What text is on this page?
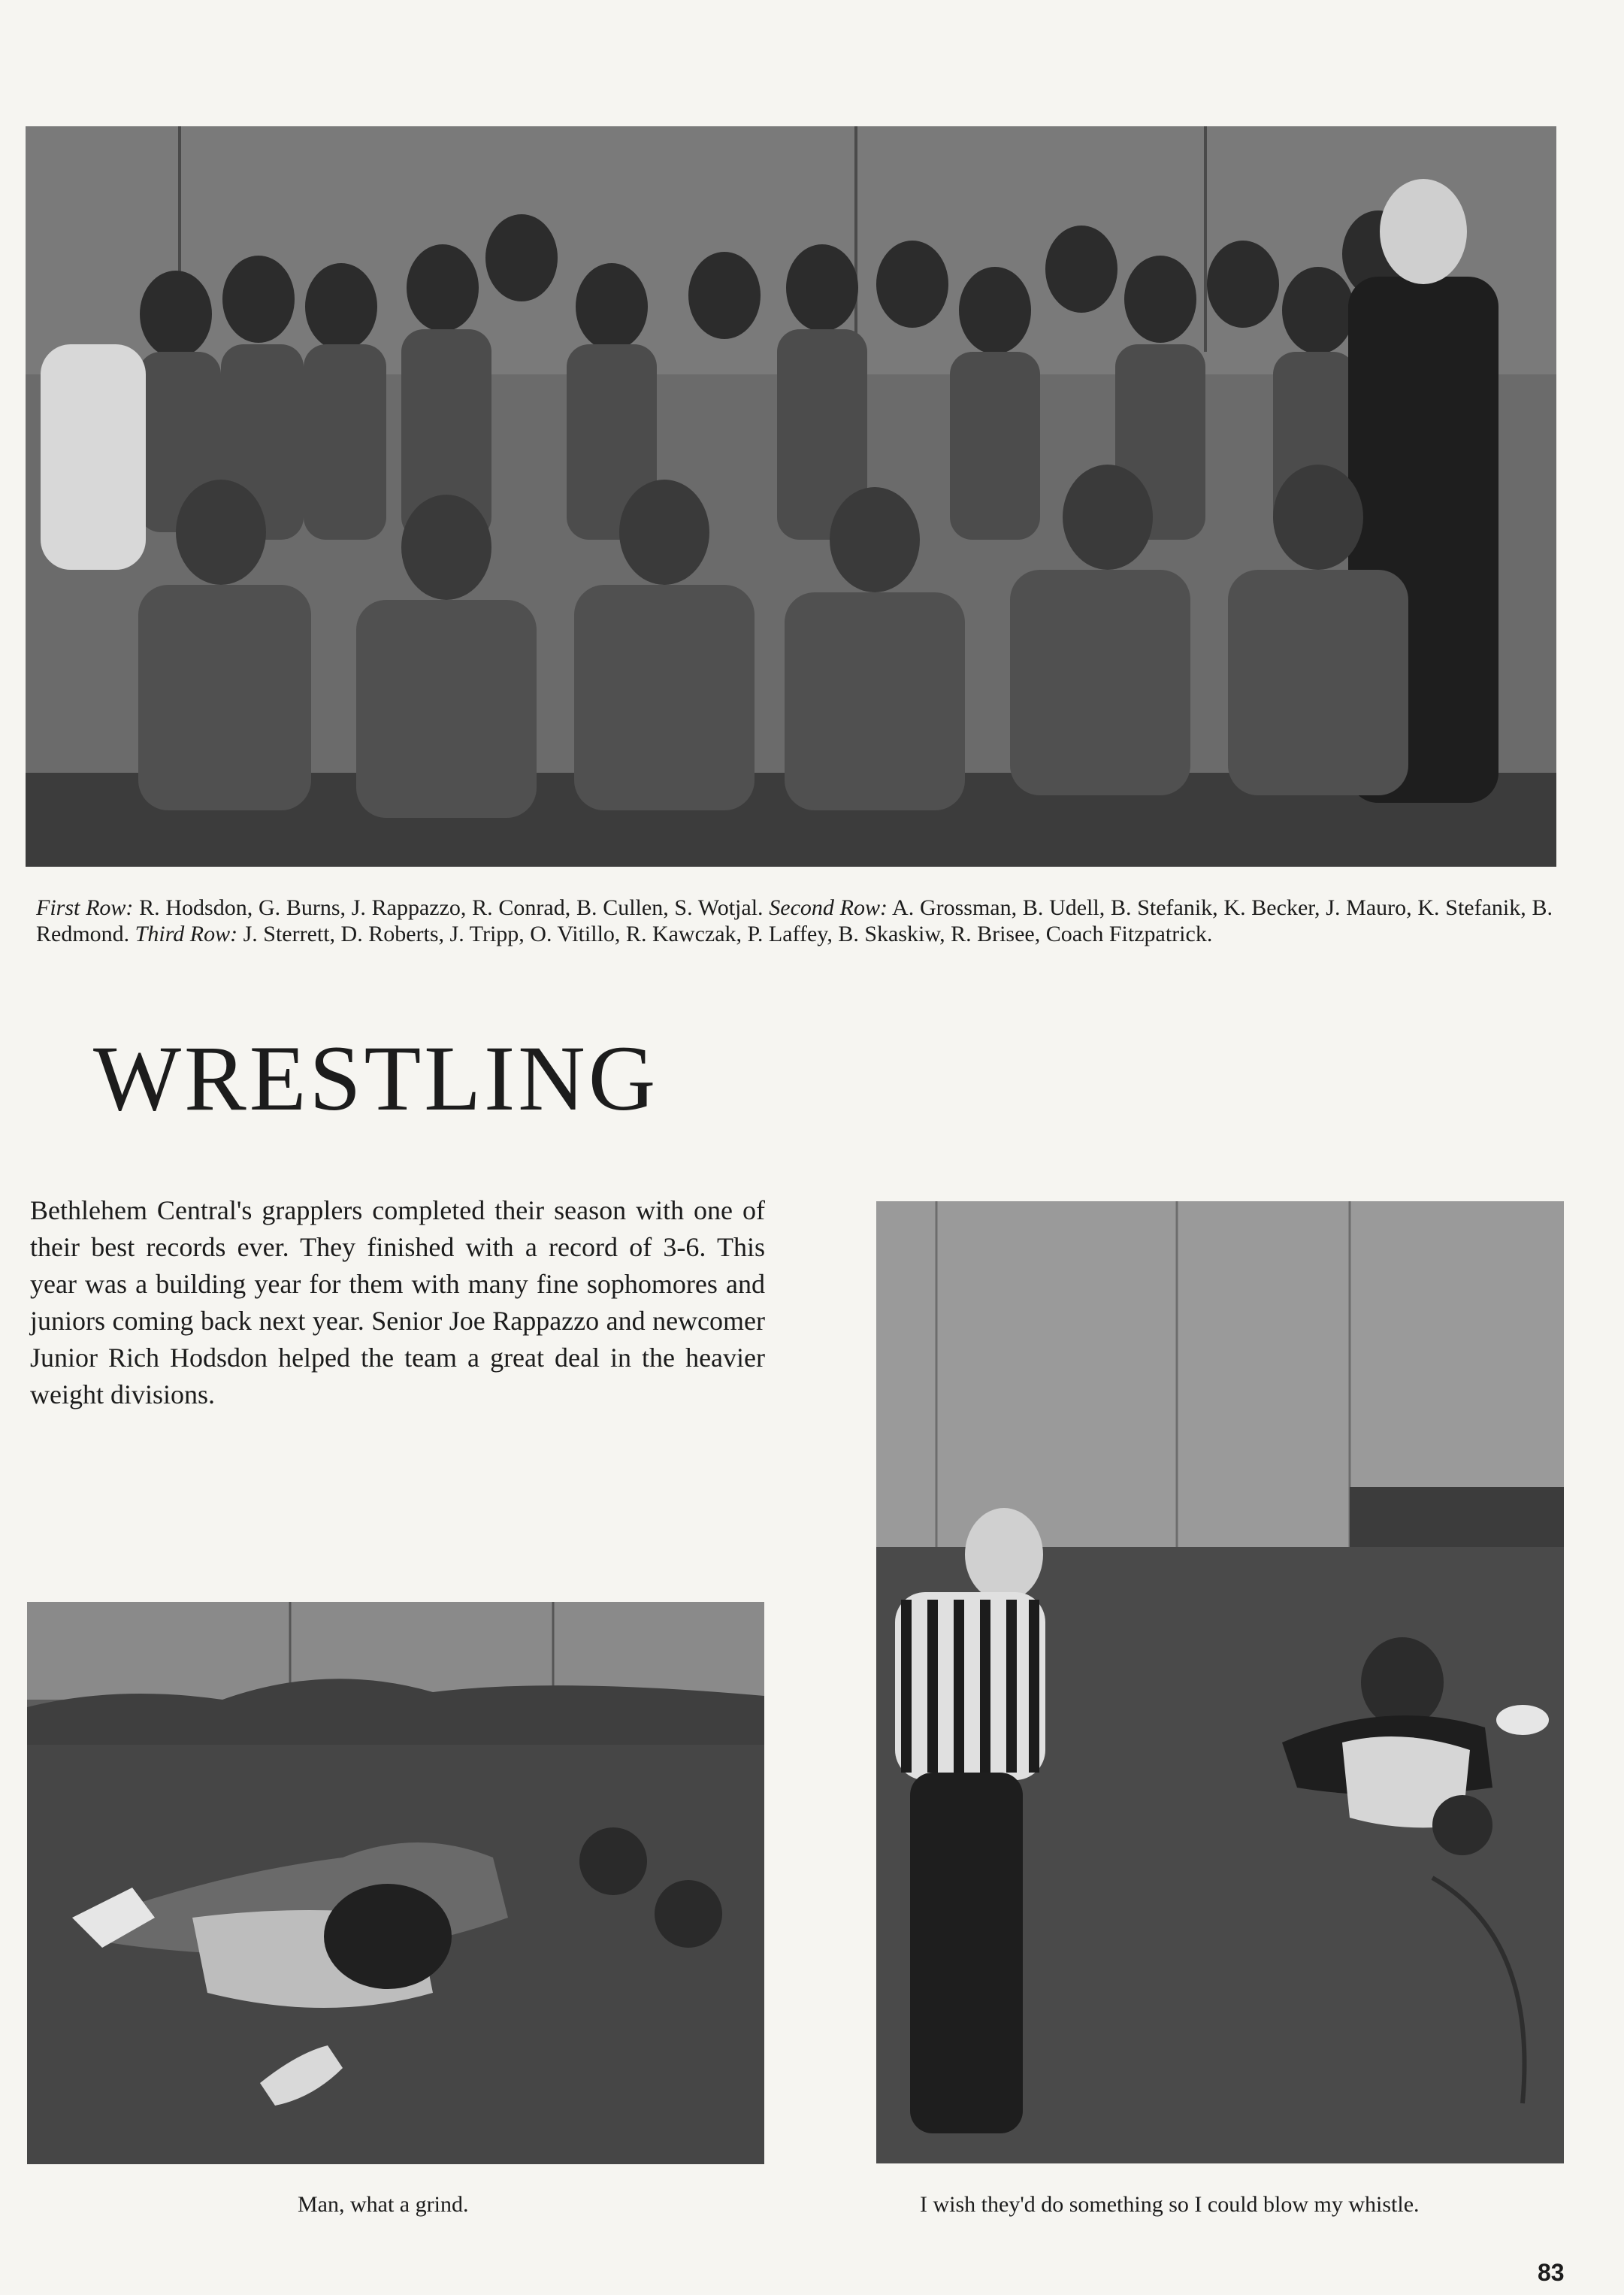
First Row: R. Hodsdon, G. Burns, J. Rappazzo, R. Conrad, B. Cullen, S. Wotjal. Second Row: A. Grossman, B. Udell, B. Stefanik, K. Becker, J. Mauro, K. Stefanik, B. Redmond. Third Row: J. Sterrett, D. Roberts, J. Tripp, O. Vitillo, R. Kawczak, P. Laffey, B. Skaskiw, R. Brisee, Coach Fitzpatrick.

WRESTLING

Bethlehem Central's grapplers completed their season with one of their best records ever. They finished with a record of 3-6. This year was a building year for them with many fine sophomores and juniors coming back next year. Senior Joe Rappazzo and newcomer Junior Rich Hodsdon helped the team a great deal in the heavier weight divisions.

Man, what a grind.	I wish they'd do something so I could blow my whistle.

83
